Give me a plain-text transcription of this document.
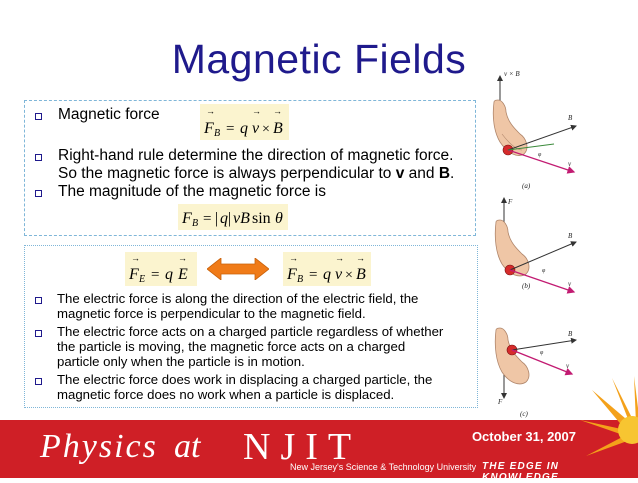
Magnetic Fields
Magnetic force	→
F B = q
→
v ×
→
B
Right-hand rule determine the direction of magnetic force.
So the magnetic force is always perpendicular to v and B.
The magnitude of the magnetic force is
F B = | q | vB sin θ
→
F E = q
→
E
→
F B = q
→
v ×
→
B
The electric force is along the direction of the electric field, the
magnetic force is perpendicular to the magnetic field.
The electric force acts on a charged particle regardless of whether
the particle is moving, the magnetic force acts on a charged
particle only when the particle is in motion.
The electric force does work in displacing a charged particle, the
magnetic force does no work when a particle is displaced.
v × B
B
v
φ
(a)
F
B
v
φ
(b)
F
B
v
φ
(c)
October 31, 2007
Physics at NJIT
New Jersey's Science & Technology University THE EDGE IN KNOWLEDGE
